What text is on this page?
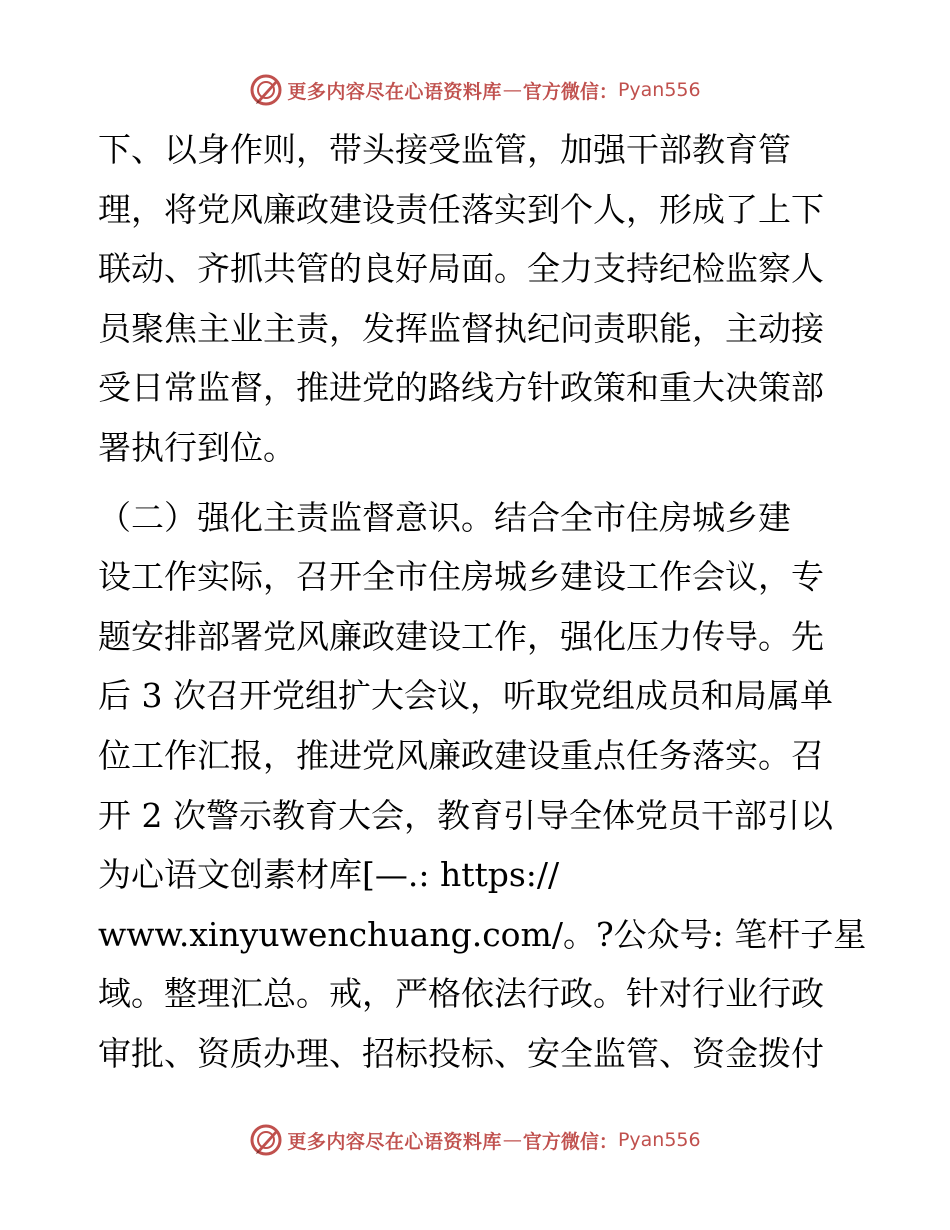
更多内容尽在心语资料库 — 官方微信： Pyan556
下、以身作则，带头接受监管，加强干部教育管
理，将党风廉政建设责任落实到个人，形成了上下
联动、齐抓共管的良好局面。全力支持纪检监察人
员聚焦主业主责，发挥监督执纪问责职能，主动接
受日常监督，推进党的路线方针政策和重大决策部
署执行到位。
（二）强化主责监督意识。结合全市住房城乡建
设工作实际，召开全市住房城乡建设工作会议，专
题安排部署党风廉政建设工作，强化压力传导。先
后 3 次召开党组扩大会议，听取党组成员和局属单
位工作汇报，推进党风廉政建设重点任务落实。召
开 2 次警示教育大会，教育引导全体党员干部引以
为心语文创素材库[—.: https://
www.xinyuwenchuang.com/。?公众号: 笔杆子星
域。整理汇总。戒，严格依法行政。针对行业行政
审批、资质办理、招标投标、安全监管、资金拨付
更多内容尽在心语资料库 — 官方微信： Pyan556
